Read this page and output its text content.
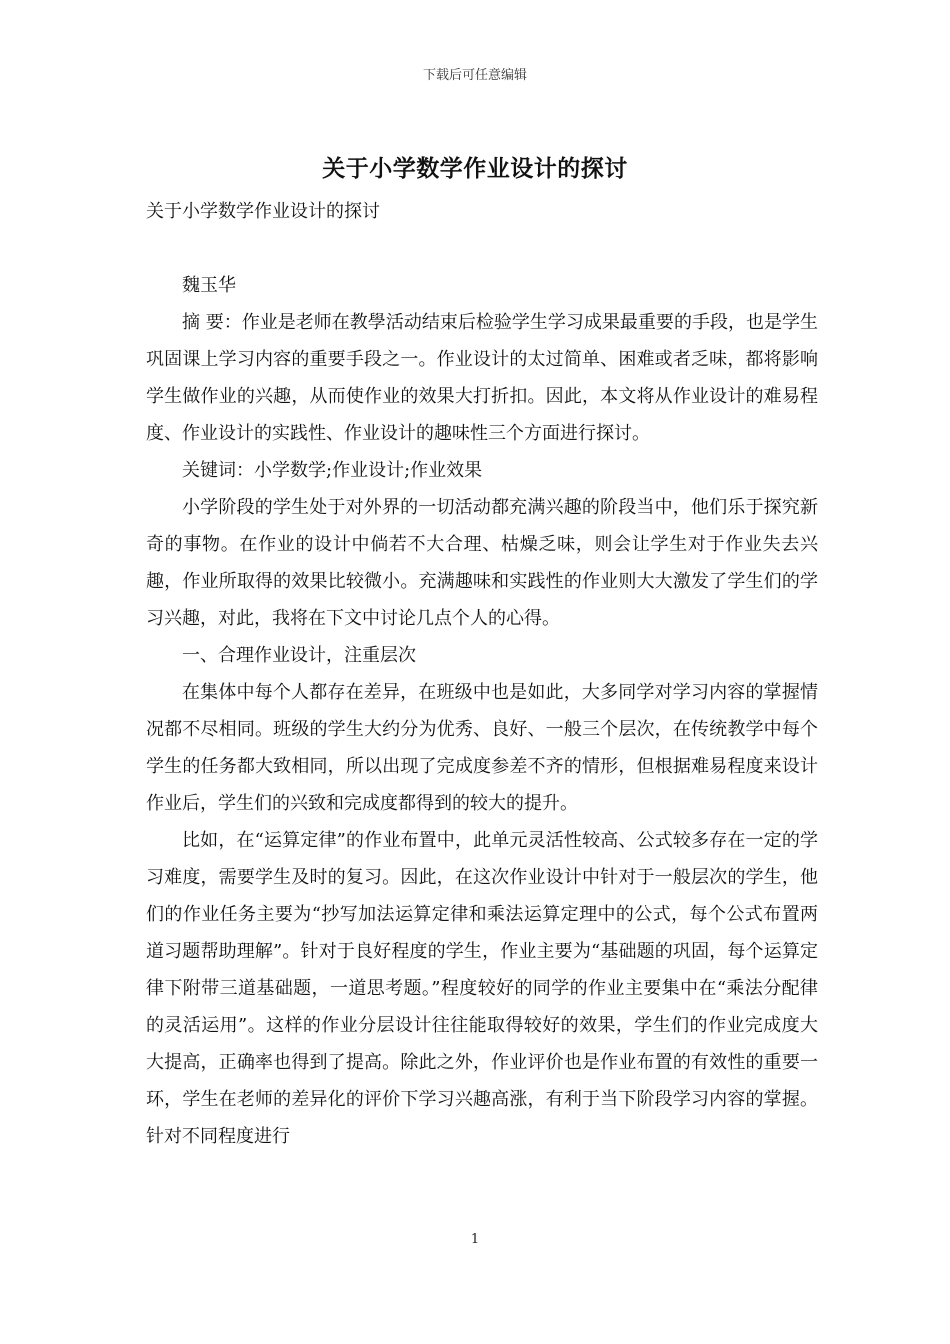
下载后可任意编辑
关于小学数学作业设计的探讨

关于小学数学作业设计的探讨

魏玉华

摘 要：作业是老师在教學活动结束后检验学生学习成果最重要的手段，也是学生巩固课上学习内容的重要手段之一。作业设计的太过简单、困难或者乏味，都将影响学生做作业的兴趣，从而使作业的效果大打折扣。因此，本文将从作业设计的难易程度、作业设计的实践性、作业设计的趣味性三个方面进行探讨。

关键词：小学数学;作业设计;作业效果

小学阶段的学生处于对外界的一切活动都充满兴趣的阶段当中，他们乐于探究新奇的事物。在作业的设计中倘若不大合理、枯燥乏味，则会让学生对于作业失去兴趣，作业所取得的效果比较微小。充满趣味和实践性的作业则大大激发了学生们的学习兴趣，对此，我将在下文中讨论几点个人的心得。

一、合理作业设计，注重层次

在集体中每个人都存在差异，在班级中也是如此，大多同学对学习内容的掌握情况都不尽相同。班级的学生大约分为优秀、良好、一般三个层次，在传统教学中每个学生的任务都大致相同，所以出现了完成度参差不齐的情形，但根据难易程度来设计作业后，学生们的兴致和完成度都得到的较大的提升。

比如，在“运算定律”的作业布置中，此单元灵活性较高、公式较多存在一定的学习难度，需要学生及时的复习。因此，在这次作业设计中针对于一般层次的学生，他们的作业任务主要为“抄写加法运算定律和乘法运算定理中的公式，每个公式布置两道习题帮助理解”。针对于良好程度的学生，作业主要为“基础题的巩固，每个运算定律下附带三道基础题，一道思考题。”程度较好的同学的作业主要集中在“乘法分配律的灵活运用”。这样的作业分层设计往往能取得较好的效果，学生们的作业完成度大大提高，正确率也得到了提高。除此之外，作业评价也是作业布置的有效性的重要一环，学生在老师的差异化的评价下学习兴趣高涨，有利于当下阶段学习内容的掌握。针对不同程度进行

1
